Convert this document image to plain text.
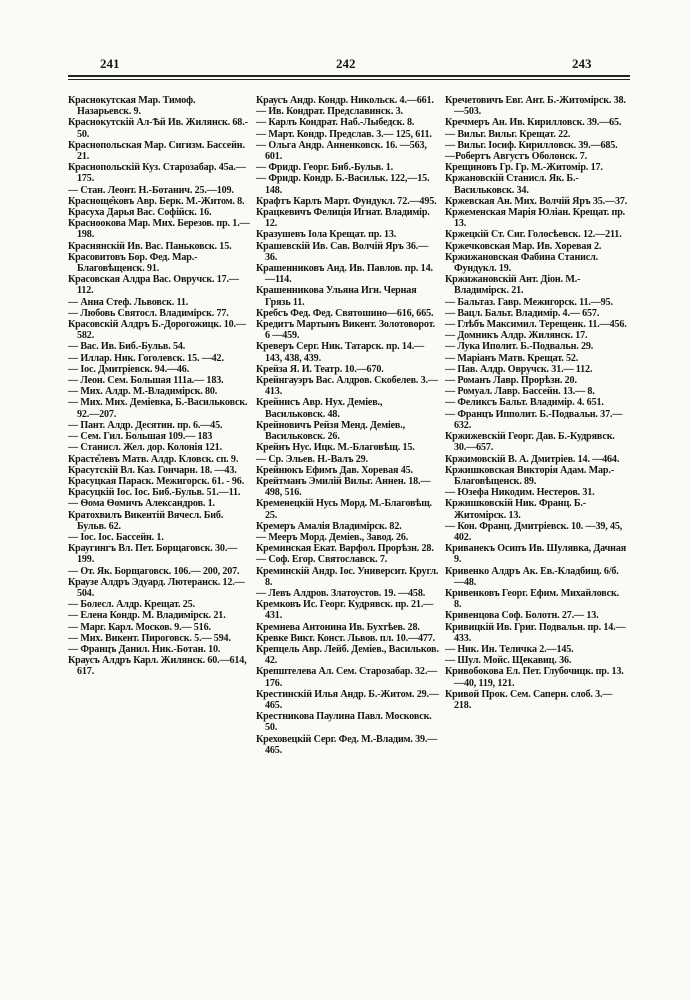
241	242	243

Красноку́тская Мар. Тимоф. Назарьевск. 9.

Краснокутскій Ал-Ѣй Ив. Жилянск. 68.- 50.

Краснопольская Мар. Сигизм. Бассейн. 21.

Краснопольскій Куз. Старозабар. 45а.—175.

— Стан. Леонт. Н.-Ботанич. 25.—109.

Красноще̂ковъ Авр. Берк. М.-Житом. 8.

Красуха Дарья Вас. Софійск. 16.

Красноокова Мар. Мих. Березов. пр. 1.—198.

Краснянскій Ив. Вас. Паньковск. 15.

Красовитовъ Бор. Фед. Мар.-Благовѣщенск. 91.

Красовская Алдра Вас. Овручск. 17.—112.

— Анна Стеф. Львовск. 11.

— Любовь Святосл. Владимірск. 77.

Красовскій Алдръ Б.-Дорогожицк. 10.—582.

— Вас. Ив. Биб.-Бульв. 54.

— Иллар. Ник. Гоголевск. 15. —42.

— Іос. Дмитріевск. 94.—46.

— Леон. Сем. Большая 111а.— 183.

— Мих. Алдр. М.-Владимірск. 80.

— Мих. Мих. Деміевка, Б.-Васильковск. 92.—207.

— Пант. Алдр. Десятин. пр. 6.—45.

— Сем. Гил. Большая 109.— 183

— Станисл. Жел. дор. Колонія 121.

Красте̂левъ Матв. Алдр. Кловск. сп. 9.

Красутскій Вл. Каз. Гончарн. 18. —43.

Красуцкая Параск. Межигорск. 61. - 96.

Красуцкій Іос. Іос. Биб.-Бульв. 51.—11.

— Ѳома Ѳомичъ Александров. 1.

Кратохвилъ Викентій Вячесл. Биб. Бульв. 62.

— Іос. Іос. Бассейн. 1.

Краугингъ Вл. Пет. Борщаговск. 30.—199.

— От. Як. Борщаговск. 106.— 200, 207.

Краузе Алдръ Эдуард. Лютеранск. 12.—504.

— Болесл. Алдр. Крещат. 25.

— Елена Кондр. М. Владимірск. 21.

— Марг. Карл. Москов. 9.— 516.

— Мих. Викент. Пироговск. 5.— 594.

— Францъ Данил. Ник.-Ботан. 10.

Краусъ Алдръ Карл. Жилянск. 60.—614, 617.

Краусъ Андр. Кондр. Никольск. 4.—661.

— Ив. Кондрат. Предславинск. 3.

— Карлъ Кондрат. Наб.-Лыбедск. 8.

— Март. Кондр. Предслав. 3.— 125, 611.

— Ольга Андр. Анненковск. 16. —563, 601.

— Фридр. Георг. Биб.-Бульв. 1.

— Фридр. Кондр. Б.-Васильк. 122,—15. 148.

Крафтъ Карлъ Март. Фундукл. 72.—495.

Крацкевичъ Фелиція Игнат. Владимір. 12.

Кразушевъ Іола Крещат. пр. 13.

Крашевскій Ив. Сав. Волчій Яръ 36.—36.

Крашенниковъ Анд. Ив. Павлов. пр. 14.—114.

Крашенникова Ульяна Игн. Черная Грязь 11.

Кребсъ Фед. Фед. Святошино—616, 665.

Кредитъ Мартынъ Викент. Золотоворот. 6 —459.

Креверъ Серг. Ник. Татарск. пр. 14.—143, 438, 439.

Крейза Я. И. Театр. 10.—670.

Крейнгауэръ Вас. Алдров. Скобелев. 3.—413.

Крейнисъ Авр. Нух. Деміев., Васильковск. 48.

Крейновичъ Рейзя Менд. Деміев., Васильковск. 26.

Крейнъ Нус. Ицк. М.-Благовѣщ. 15.

— Ср. Эльев. Н.-Валъ 29.

Крейнюкъ Ефимъ Дав. Хоревая 45.

Крейтманъ Эмилій Вильг. Аннен. 18.—498, 516.

Кременецкій Нусь Морд. М.-Благовѣщ. 25.

Кремеръ Амалія Владимірск. 82.

— Мееръ Морд. Деміев., Завод. 26.

Креминская Екат. Варфол. Прорѣзн. 28.

— Соф. Егор. Святославск. 7.

Креминскій Андр. Іос. Университ. Кругл. 8.

— Левъ Алдров. Златоустов. 19. —458.

Кремковъ Ис. Георг. Кудрявск. пр. 21.—431.

Кремнева Антонина Ив. Бухтѣев. 28.

Кревке Викт. Конст. Львов. пл. 10.—477.

Крепцель Авр. Лейб. Деміев., Васильков. 42.

Крепштелева Ал. Сем. Старозабар. 32.—176.

Крестинскій Илья Андр. Б.-Житом. 29.—465.

Крестникова Паулина Павл. Московск. 50.

Креховецкій Серг. Фед. М.-Владим. 39.—465.

Кречетовичъ Евг. Ант. Б.-Житомірск. 38.—503.

Кречмеръ Ан. Ив. Кирилловск. 39.—65.

— Вильг. Вильг. Крещат. 22.

— Вильг. Іосиф. Кирилловск. 39.—685.

—Робертъ Августъ Оболонск. 7.

Крещиновъ Гр. Гр. М.-Житомір. 17.

Кржановскій Станисл. Як. Б.-Васильковск. 34.

Кржевская Ан. Мих. Волчій Яръ 35.—37.

Кржеменская Марія Юліан. Крещат. пр. 13.

Кржецкій Ст. Сиг. Голосѣевск. 12.—211.

Кржечковская Мар. Ив. Хоревая 2.

Кржижановская Фабина Станисл. Фундукл. 19.

Кржижановскій Ант. Діон. М.-Владимірск. 21.

— Бальтаз. Гавр. Межигорск. 11.—95.

— Вацл. Бальт. Владимір. 4.— 657.

— Глѣбъ Максимил. Терещенк. 11.—456.

— Домникъ Алдр. Жилянск. 17.

— Лука Иполит. Б.-Подвальн. 29.

— Маріанъ Матв. Крещат. 52.

— Пав. Алдр. Овручск. 31.— 112.

— Романъ Лавр. Прорѣзн. 20.

— Ромуал. Лавр. Бассейн. 13.— 8.

— Феликсъ Бальт. Владимір. 4. 651.

— Францъ Ипполит. Б.-Подвальн. 37.—632.

Кржижевскій Георг. Дав. Б.-Кудрявск. 30.—657.

Кржимовскій В. А. Дмитріев. 14. —464.

Кржишковская Викторія Адам. Мар.-Благовѣщенск. 89.

— Юзефа Никодим. Нестеров. 31.

Кржишковскій Ник. Франц. Б.-Житомірск. 13.

— Кон. Франц. Дмитріевск. 10. —39, 45, 402.

Криванекъ Осипъ Ив. Шулявка, Дачная 9.

Кривенко Алдръ Ак. Ев.-Кладбищ. 6/б.—48.

Кривенковъ Георг. Ефим. Михайловск. 8.

Кривенцова Соф. Болотн. 27.— 13.

Кривицкій Ив. Григ. Подвальн. пр. 14.—433.

— Ник. Ин. Теличка 2.—145.

— Шул. Мойс. Щекавиц. 36.

Кривобокова Ел. Пет. Глубочицк. пр. 13.—40, 119, 121.

Кривой Прок. Сем. Саперн. слоб. 3.—218.
